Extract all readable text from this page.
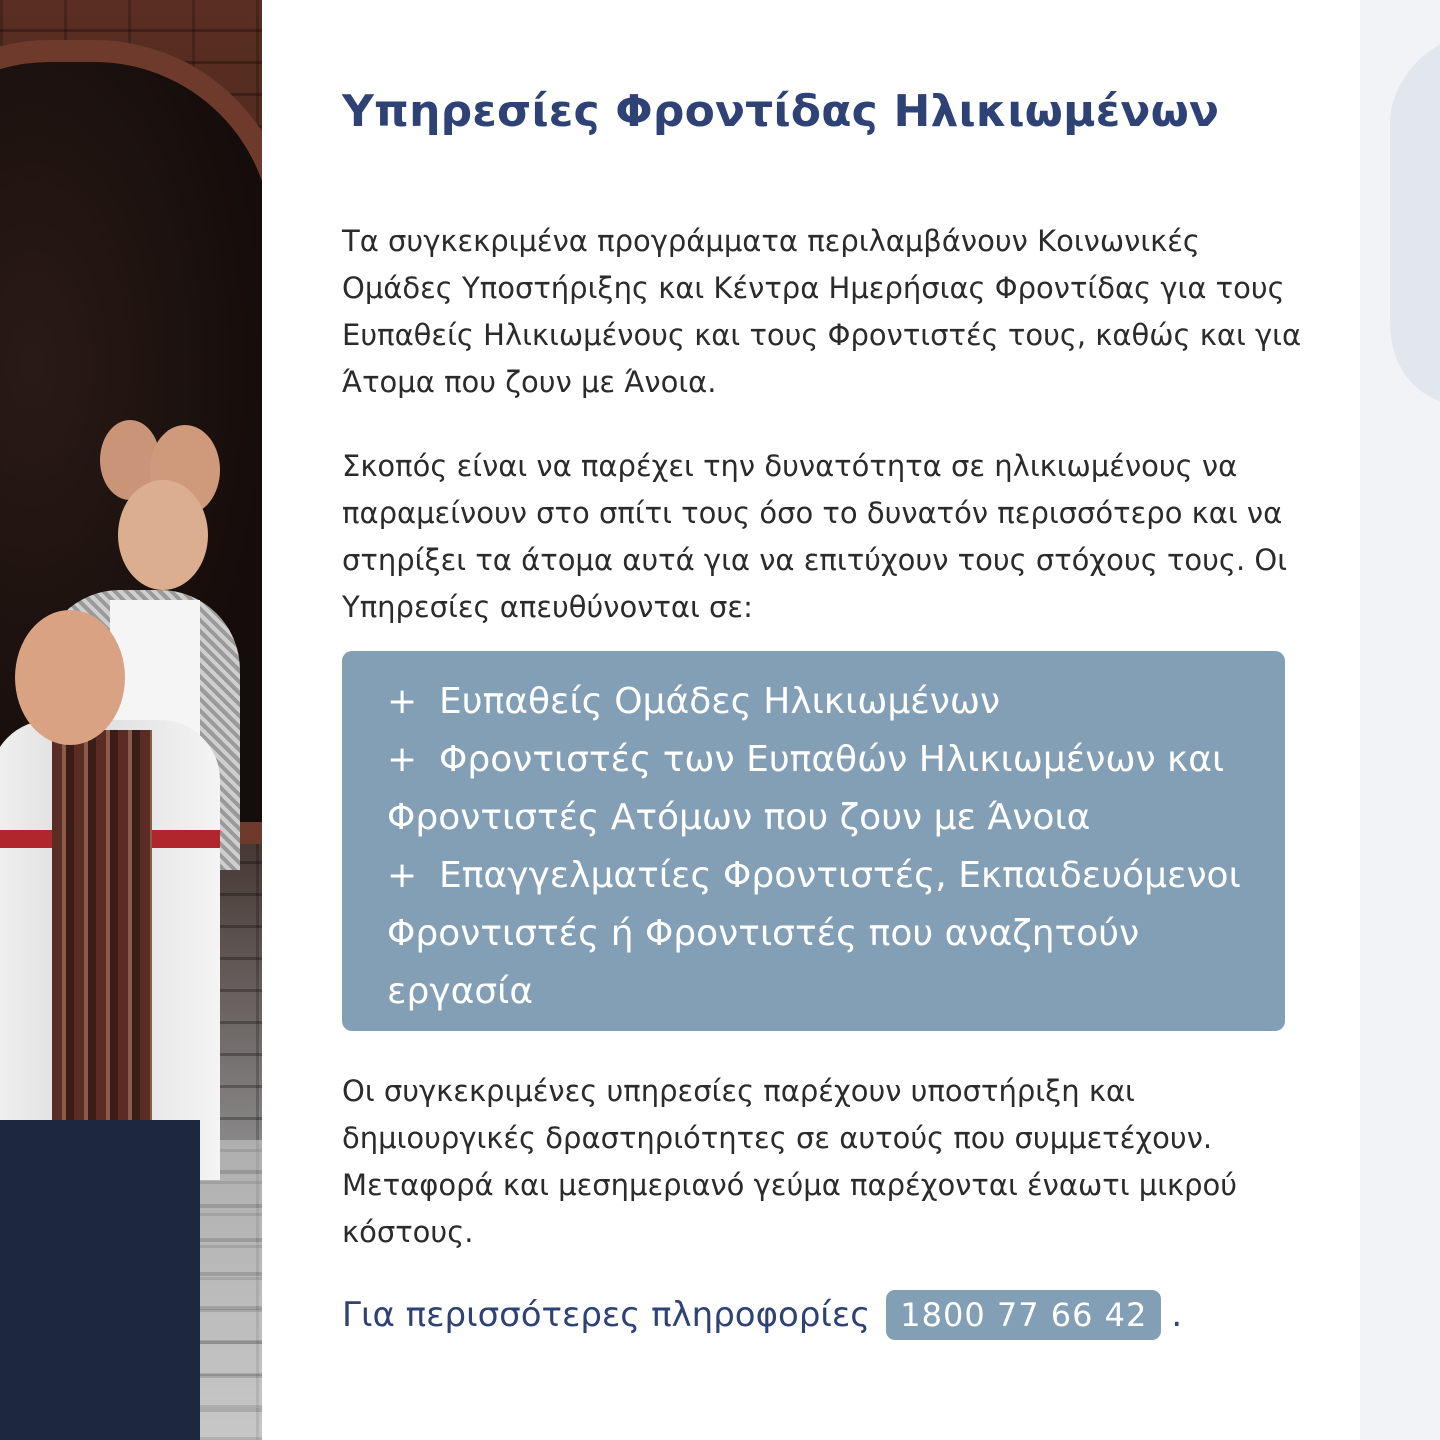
Υπηρεσίες Φροντίδας Ηλικιωμένων

Τα συγκεκριμένα προγράμματα περιλαμβάνουν Κοινωνικές Ομάδες Υποστήριξης και Κέντρα Ημερήσιας Φροντίδας για τους Ευπαθείς Ηλικιωμένους και τους Φροντιστές τους, καθώς και για Άτομα που ζουν με Άνοια.

Σκοπός είναι να παρέχει την δυνατότητα σε ηλικιωμένους να παραμείνουν στο σπίτι τους όσο το δυνατόν περισσότερο και να στηρίξει τα άτομα αυτά για να επιτύχουν τους στόχους τους. Οι Υπηρεσίες απευθύνονται σε:

+ Ευπαθείς Ομάδες Ηλικιωμένων

+ Φροντιστές των Ευπαθών Ηλικιωμένων και Φροντιστές Ατόμων που ζουν με Άνοια

+ Επαγγελματίες Φροντιστές, Εκπαιδευόμενοι Φροντιστές ή Φροντιστές που αναζητούν εργασία

Οι συγκεκριμένες υπηρεσίες παρέχουν υποστήριξη και δημιουργικές δραστηριότητες σε αυτούς που συμμετέχουν. Μεταφορά και μεσημεριανό γεύμα παρέχονται έναωτι μικρού κόστους.

Για περισσότερες πληροφορίες 1800 77 66 42 .
